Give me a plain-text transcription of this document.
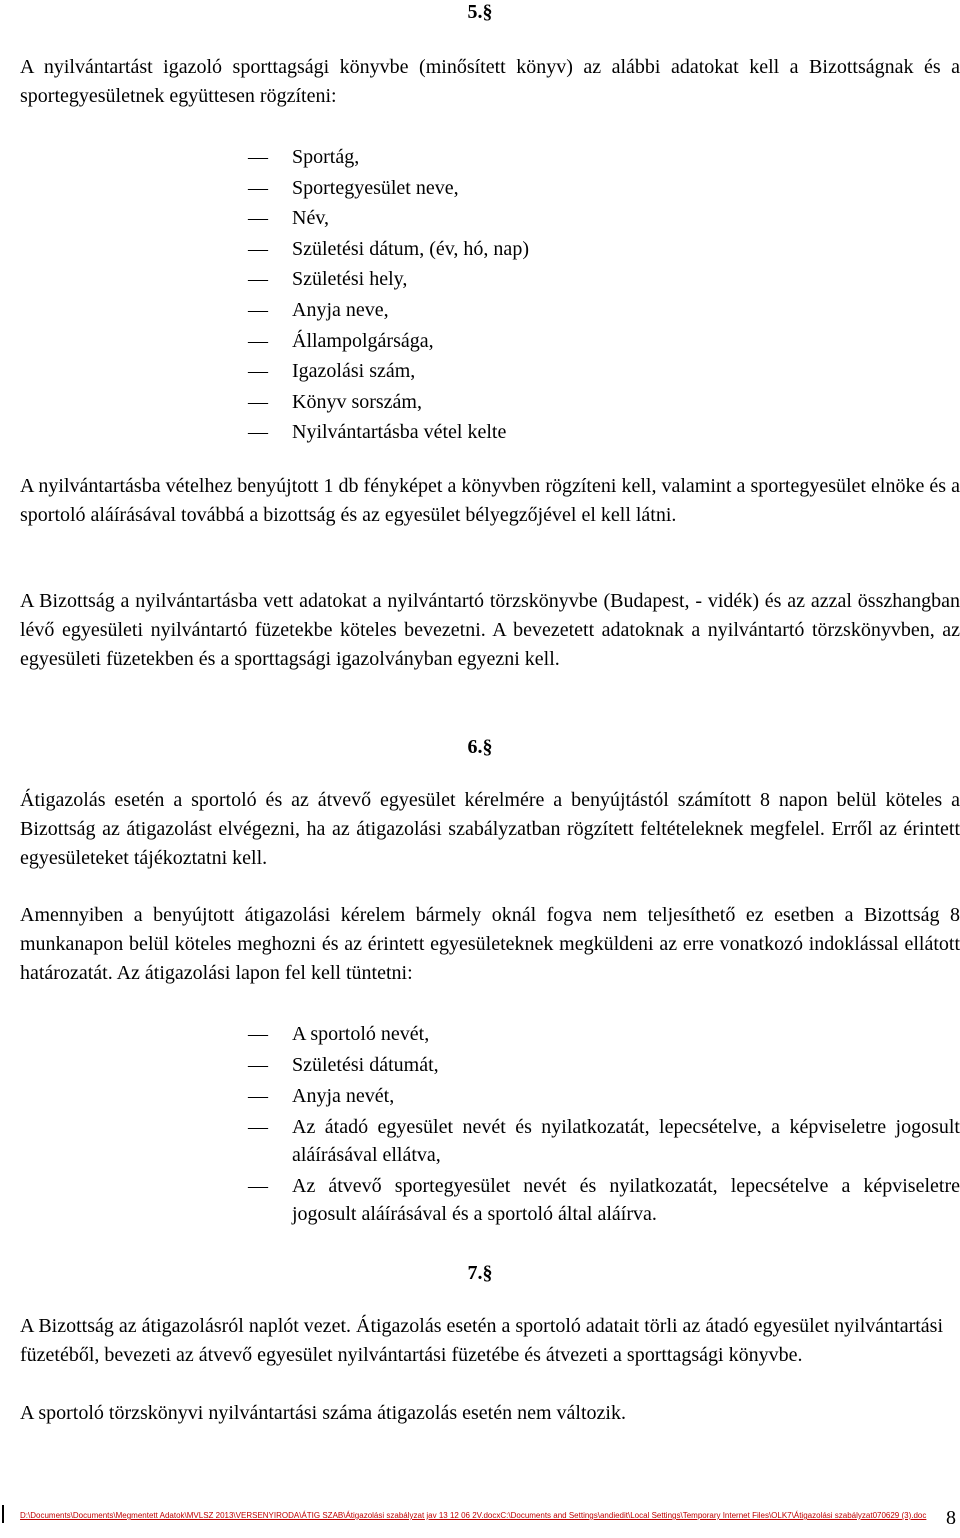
5.§

A nyilvántartást igazoló sporttagsági könyvbe (minősített könyv) az alábbi adatokat kell a Bizottságnak és a sportegyesületnek együttesen rögzíteni:

—	Sportág,
—	Sportegyesület neve,
—	Név,
—	Születési dátum, (év, hó, nap)
—	Születési hely,
—	Anyja neve,
—	Állampolgársága,
—	Igazolási szám,
—	Könyv sorszám,
—	Nyilvántartásba vétel kelte

A nyilvántartásba vételhez benyújtott 1 db fényképet a könyvben rögzíteni kell, valamint a sportegyesület elnöke és a sportoló aláírásával továbbá a bizottság és az egyesület bélyegzőjével el kell látni.

A Bizottság a nyilvántartásba vett adatokat a nyilvántartó törzskönyvbe (Budapest, - vidék) és az azzal összhangban lévő egyesületi nyilvántartó füzetekbe köteles bevezetni. A bevezetett adatoknak a nyilvántartó törzskönyvben, az egyesületi füzetekben és a sporttagsági igazolványban egyezni kell.

6.§

Átigazolás esetén a sportoló és az átvevő egyesület kérelmére a benyújtástól számított 8 napon belül köteles a Bizottság az átigazolást elvégezni, ha az átigazolási szabályzatban rögzített feltételeknek megfelel. Erről az érintett egyesületeket tájékoztatni kell.

Amennyiben a benyújtott átigazolási kérelem bármely oknál fogva nem teljesíthető ez esetben a Bizottság 8 munkanapon belül köteles meghozni és az érintett egyesületeknek megküldeni az erre vonatkozó indoklással ellátott határozatát. Az átigazolási lapon fel kell tüntetni:

—	A sportoló nevét,
—	Születési dátumát,
—	Anyja nevét,
—	Az átadó egyesület nevét és nyilatkozatát, lepecsételve, a képviseletre jogosult aláírásával ellátva,
—	Az átvevő sportegyesület nevét és nyilatkozatát, lepecsételve a képviseletre jogosult aláírásával és a sportoló által aláírva.
7.§

A Bizottság az átigazolásról naplót vezet. Átigazolás esetén a sportoló adatait törli az átadó egyesület nyilvántartási füzetéből, bevezeti az átvevő egyesület nyilvántartási füzetébe és átvezeti a sporttagsági könyvbe.

A sportoló törzskönyvi nyilvántartási száma átigazolás esetén nem változik.

D:\Documents\Documents\Megmentett Adatok\MVLSZ 2013\VERSENYIRODA\ÁTIG SZAB\Átigazolási szabályzat jav 13 12 06 2V.docxC:\Documents and Settings\andiedit\Local Settings\Temporary Internet Files\OLK7\Átigazolási szabályzat070629 (3).doc 8
